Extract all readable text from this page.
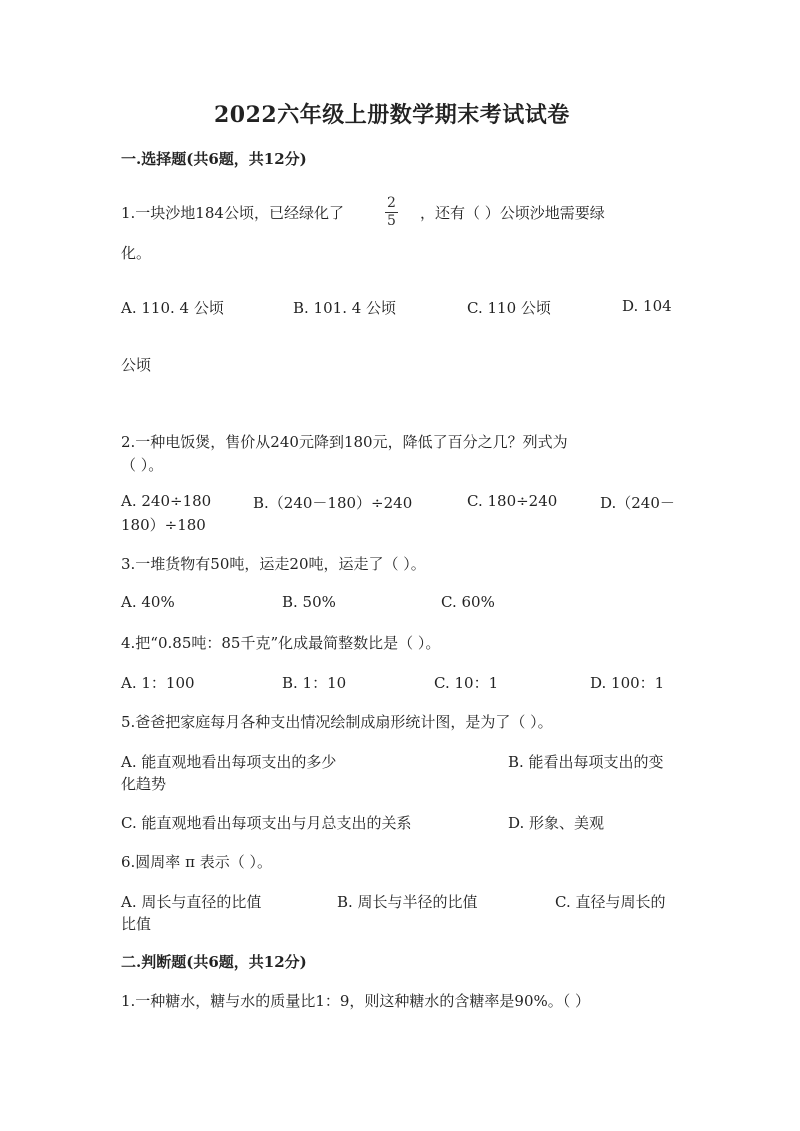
2022六年级上册数学期末考试试卷
一.选择题(共6题，共12分)
1.一块沙地184公顷，已经绿化了
2
5 ，还有（ ）公顷沙地需要绿
化。
A. 110. 4 公顷	B. 101. 4 公顷	C. 110 公顷	D. 104
公顷
2.一种电饭煲，售价从240元降到180元，降低了百分之几？列式为
（ ）。
A. 240÷180	B.（240－180）÷240	C. 180÷240	D.（240－
180）÷180
3.一堆货物有50吨，运走20吨，运走了（ ）。
A. 40%	B. 50%	C. 60%
4.把“0.85吨：85千克”化成最简整数比是（ ）。
A. 1：100	B. 1：10	C. 10：1	D. 100：1
5.爸爸把家庭每月各种支出情况绘制成扇形统计图，是为了（ ）。
A. 能直观地看出每项支出的多少	B. 能看出每项支出的变
化趋势
C. 能直观地看出每项支出与月总支出的关系	D. 形象、美观
6.圆周率 π 表示（ ）。
A. 周长与直径的比值	B. 周长与半径的比值	C. 直径与周长的
比值
二.判断题(共6题，共12分)
1.一种糖水，糖与水的质量比1：9，则这种糖水的含糖率是90%。（ ）
